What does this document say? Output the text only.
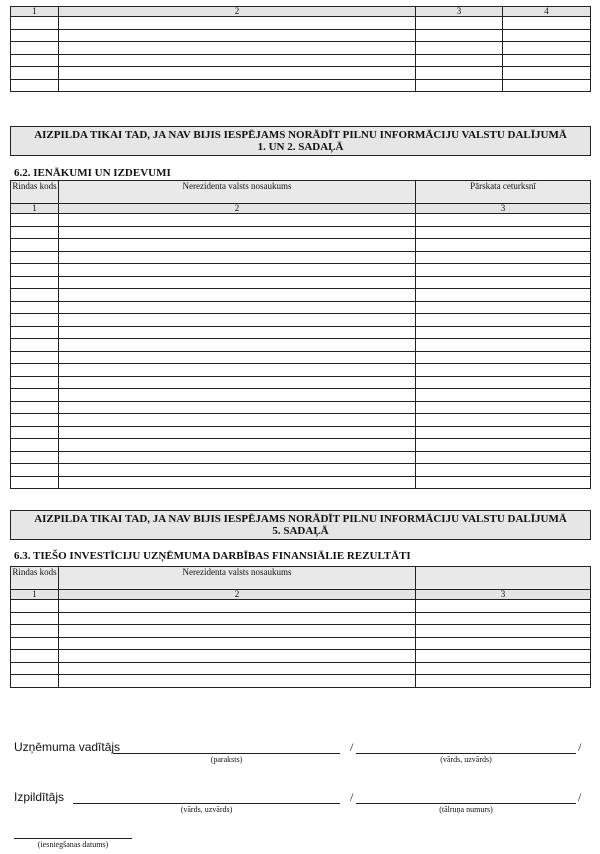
1	2	3	4

AIZPILDA TIKAI TAD, JA NAV BIJIS IESPĒJAMS NORĀDĪT PILNU INFORMĀCIJU VALSTU DALĪJUMĀ
1. UN 2. SADAĻĀ
6.2. IENĀKUMI UN IZDEVUMI
Rindas kods	Nerezidenta valsts nosaukums	Pārskata ceturksnī
1	2	3

AIZPILDA TIKAI TAD, JA NAV BIJIS IESPĒJAMS NORĀDĪT PILNU INFORMĀCIJU VALSTU DALĪJUMĀ
5. SADAĻĀ
6.3. TIEŠO INVESTĪCIJU UZŅĒMUMA DARBĪBAS FINANSIĀLIE REZULTĀTI
Rindas kods	Nerezidenta valsts nosaukums	
1	2	3

Uzņēmuma vadītājs	/	/
(paraksts)	(vārds, uzvārds)
Izpildītājs	/	/
(vārds, uzvārds)	(tālruņa numurs)
(iesniegšanas datums)
